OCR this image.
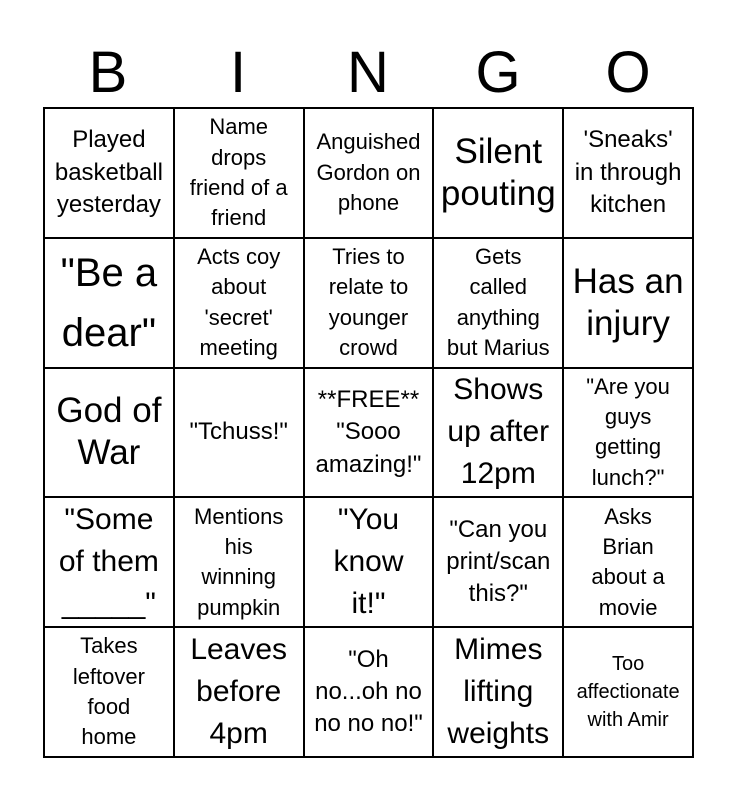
B	I	N	G	O
Played
basketball
yesterday
Name
drops
friend of a
friend
Anguished
Gordon on
phone
Silent
pouting
'Sneaks'
in through
kitchen
"Be a
dear"
Acts coy
about
'secret'
meeting
Tries to
relate to
younger
crowd
Gets
called
anything
but Marius
Has an
injury
God of
War
"Tchuss!"
**FREE**
"Sooo
amazing!"
Shows
up after
12pm
"Are you
guys
getting
lunch?"
"Some
of them
_____"
Mentions
his
winning
pumpkin
"You
know
it!"
"Can you
print/scan
this?"
Asks
Brian
about a
movie
Takes
leftover
food
home
Leaves
before
4pm
"Oh
no...oh no
no no no!"
Mimes
lifting
weights
Too
affectionate
with Amir
